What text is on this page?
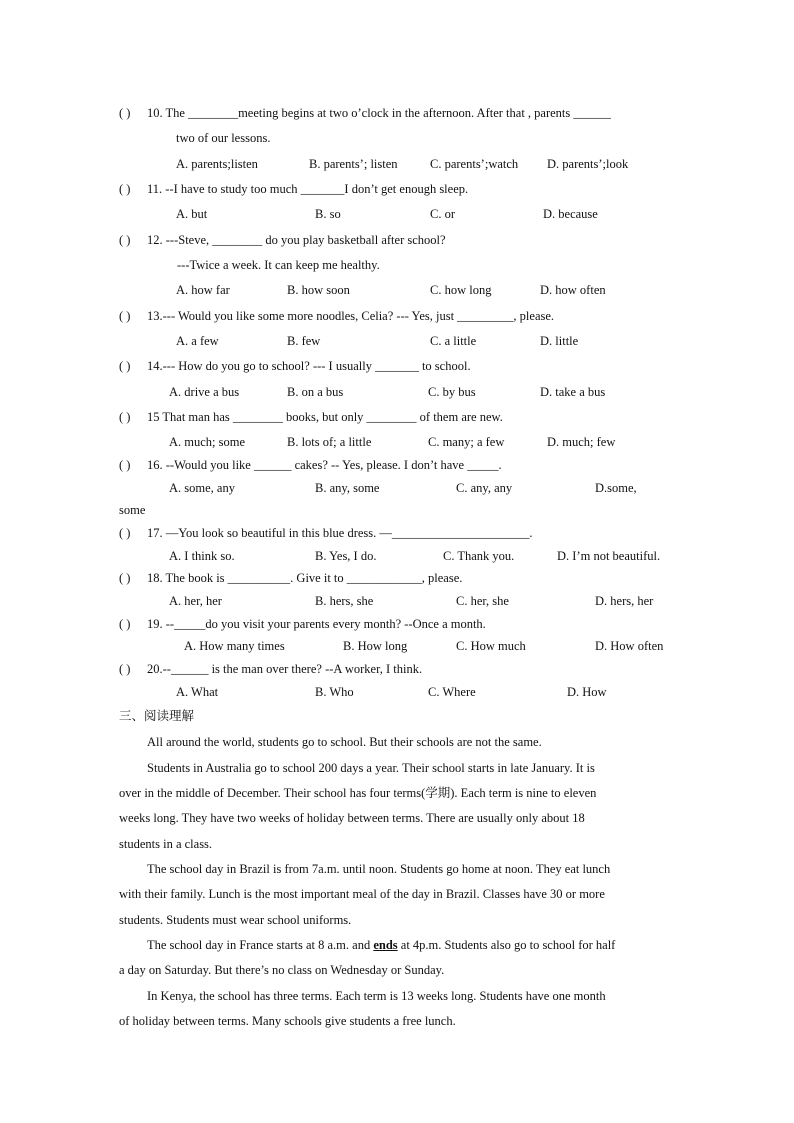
( ) 10. The ________meeting begins at two o’clock in the afternoon. After that , parents ______
two of our lessons.
A. parents;listen	B. parents’; listen	C. parents’;watch D. parents’;look
( ) 11. --I have to study too much _______I don’t get enough sleep.
A. but	B. so	C. or	D. because
( ) 12. ---Steve, ________ do you play basketball after school?
---Twice a week. It can keep me healthy.
A. how far	B. how soon	C. how long	D. how often
( ) 13.--- Would you like some more noodles, Celia? --- Yes, just _________, please.
A. a few	B. few	C. a little	D. little
( ) 14.--- How do you go to school? --- I usually _______ to school.
A. drive a bus	B. on a bus	C. by bus	D. take a bus
( ) 15 That man has ________ books, but only ________ of them are new.
A. much; some	B. lots of; a little	C. many; a few	D. much; few
( ) 16. --Would you like ______ cakes? -- Yes, please. I don’t have _____.
A. some, any	B. any, some	C. any, any	D.some,
some
( ) 17. —You look so beautiful in this blue dress. —______________________.
A. I think so.	B. Yes, I do.	C. Thank you.	D. I’m not beautiful.
( ) 18. The book is __________. Give it to ____________, please.
A. her, her	B. hers, she	C. her, she	D. hers, her
( ) 19. --_____do you visit your parents every month? --Once a month.
A. How many times	B. How long	C. How much	D. How often
( ) 20.--______ is the man over there? --A worker, I think.
A. What	B. Who	C. Where	D. How
三、阅读理解
All around the world, students go to school. But their schools are not the same.
Students in Australia go to school 200 days a year. Their school starts in late January. It is
over in the middle of December. Their school has four terms(学期). Each term is nine to eleven
weeks long. They have two weeks of holiday between terms. There are usually only about 18
students in a class.
The school day in Brazil is from 7a.m. until noon. Students go home at noon. They eat lunch
with their family. Lunch is the most important meal of the day in Brazil. Classes have 30 or more
students. Students must wear school uniforms.
The school day in France starts at 8 a.m. and ends at 4p.m. Students also go to school for half
a day on Saturday. But there’s no class on Wednesday or Sunday.
In Kenya, the school has three terms. Each term is 13 weeks long. Students have one month
of holiday between terms. Many schools give students a free lunch.
